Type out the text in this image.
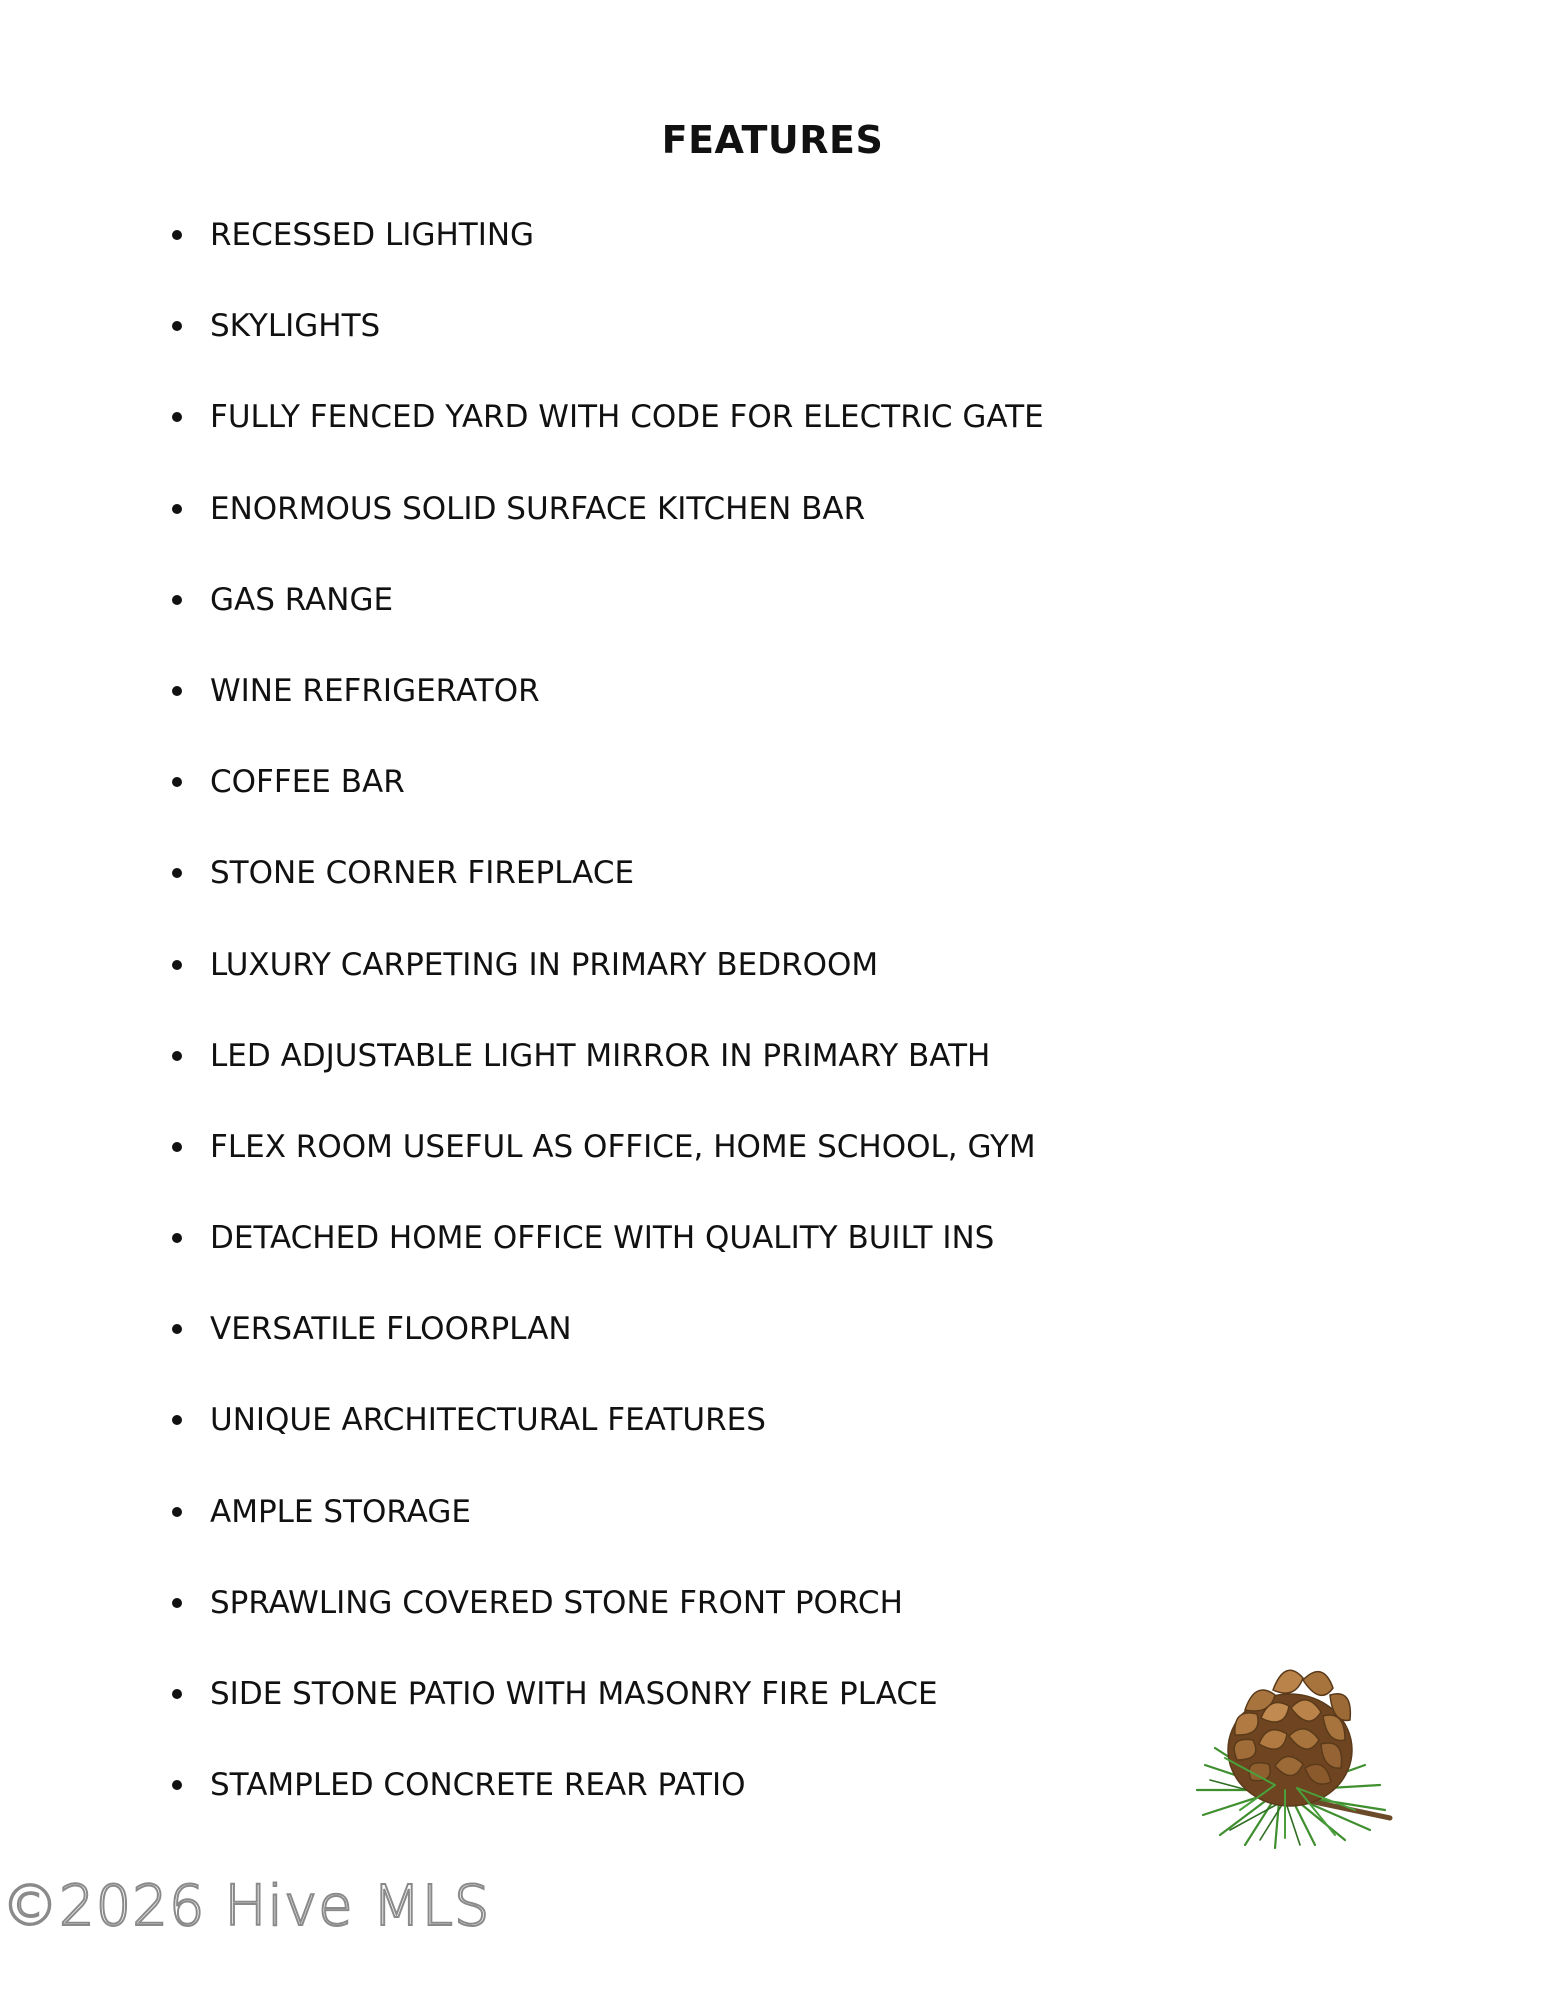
FEATURES
RECESSED LIGHTING
SKYLIGHTS
FULLY FENCED YARD WITH CODE FOR ELECTRIC GATE
ENORMOUS SOLID SURFACE KITCHEN BAR
GAS RANGE
WINE REFRIGERATOR
COFFEE BAR
STONE CORNER FIREPLACE
LUXURY CARPETING IN PRIMARY BEDROOM
LED ADJUSTABLE LIGHT MIRROR IN PRIMARY BATH
FLEX ROOM USEFUL AS OFFICE, HOME SCHOOL, GYM
DETACHED HOME OFFICE WITH QUALITY BUILT INS
VERSATILE FLOORPLAN
UNIQUE ARCHITECTURAL FEATURES
AMPLE STORAGE
SPRAWLING COVERED STONE FRONT PORCH
SIDE STONE PATIO WITH MASONRY FIRE PLACE
STAMPLED CONCRETE REAR PATIO
©2026 Hive MLS
